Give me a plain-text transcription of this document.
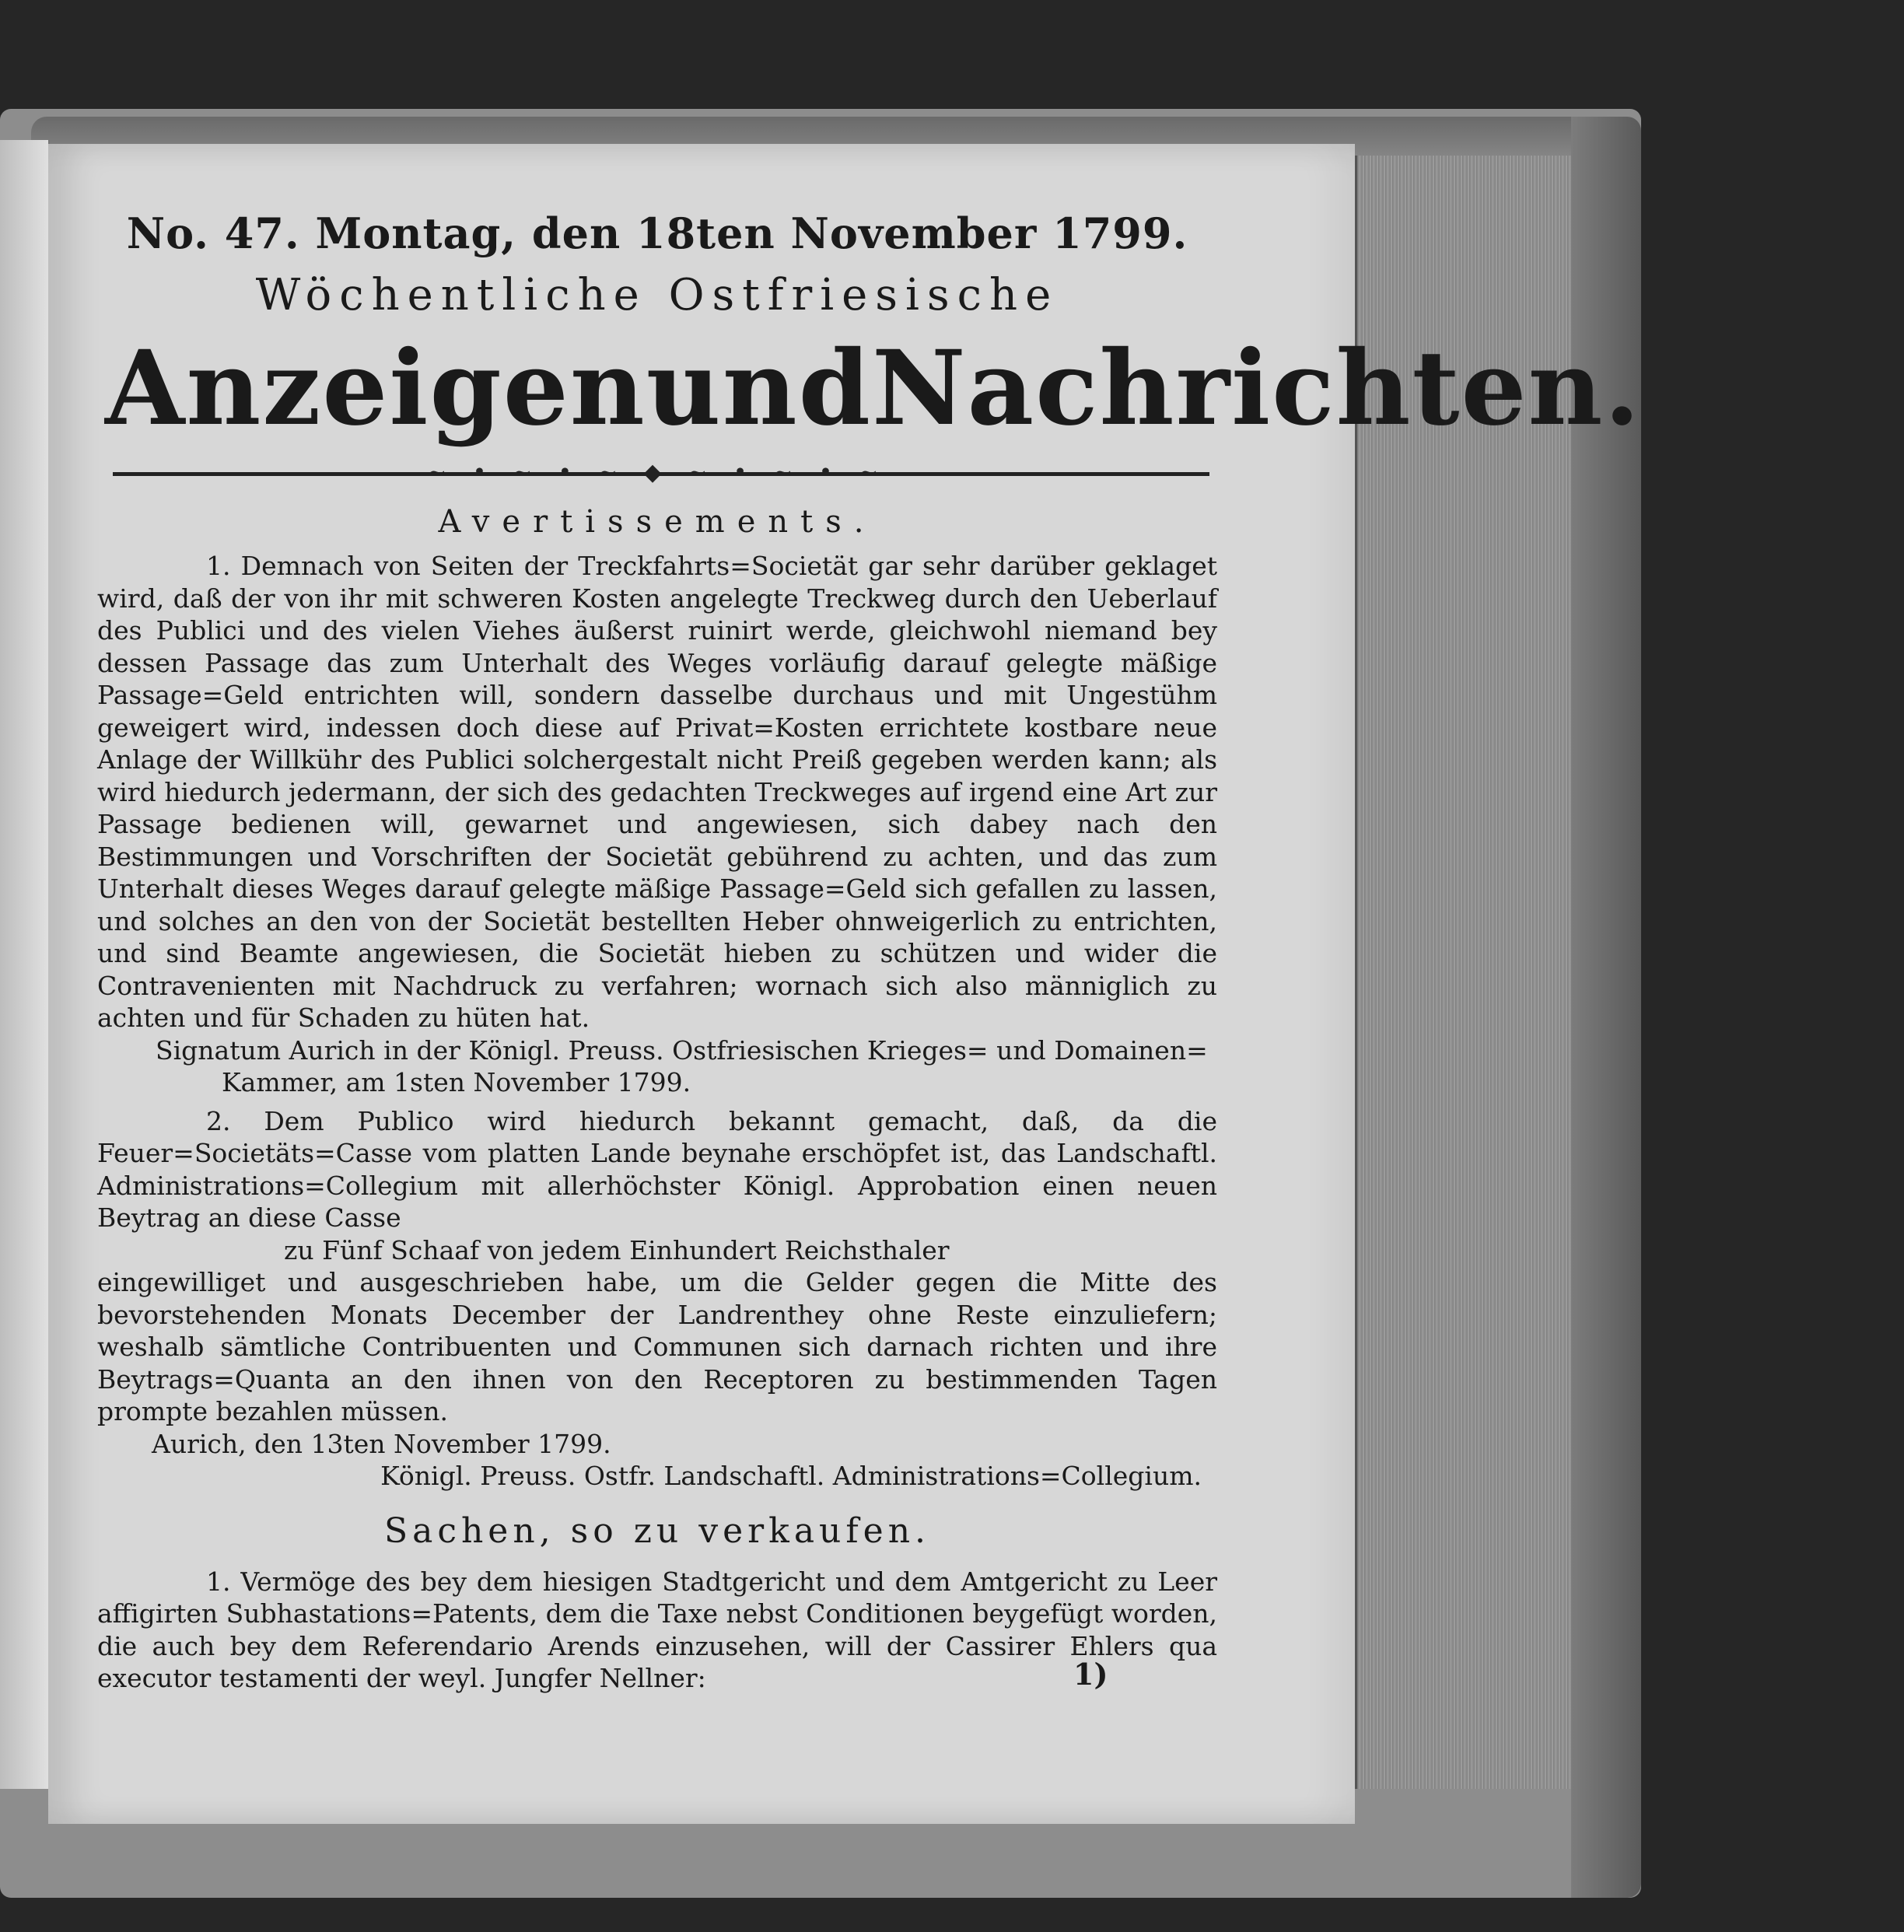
No. 47. Montag, den 18ten November 1799.

Wöchentliche Ostfriesische

Anzeigen und Nachrichten.
~ • ~ • ~ ◆ ~ • ~ • ~

Avertissements.

1. Demnach von Seiten der Treckfahrts=Societät gar sehr darüber geklaget wird, daß der von ihr mit schweren Kosten angelegte Treckweg durch den Ueberlauf des Publici und des vielen Viehes äußerst ruinirt werde, gleichwohl niemand bey dessen Passage das zum Unterhalt des Weges vorläufig darauf gelegte mäßige Passage=Geld entrichten will, sondern dasselbe durchaus und mit Ungestühm geweigert wird, indessen doch diese auf Privat=Kosten errichtete kostbare neue Anlage der Willkühr des Publici solchergestalt nicht Preiß gegeben werden kann; als wird hiedurch jedermann, der sich des gedachten Treckweges auf irgend eine Art zur Passage bedienen will, gewarnet und angewiesen, sich dabey nach den Bestimmungen und Vorschriften der Societät gebührend zu achten, und das zum Unterhalt dieses Weges darauf gelegte mäßige Passage=Geld sich gefallen zu lassen, und solches an den von der Societät bestellten Heber ohnweigerlich zu entrichten, und sind Beamte angewiesen, die Societät hieben zu schützen und wider die Contravenienten mit Nachdruck zu verfahren; wornach sich also männiglich zu achten und für Schaden zu hüten hat.

Signatum Aurich in der Königl. Preuss. Ostfriesischen Krieges= und Domainen=
Kammer, am 1sten November 1799.

2. Dem Publico wird hiedurch bekannt gemacht, daß, da die Feuer=Societäts=Casse vom platten Lande beynahe erschöpfet ist, das Landschaftl. Administrations=Collegium mit allerhöchster Königl. Approbation einen neuen Beytrag an diese Casse

zu Fünf Schaaf von jedem Einhundert Reichsthaler

eingewilliget und ausgeschrieben habe, um die Gelder gegen die Mitte des bevorstehenden Monats December der Landrenthey ohne Reste einzuliefern; weshalb sämtliche Contribuenten und Communen sich darnach richten und ihre Beytrags=Quanta an den ihnen von den Receptoren zu bestimmenden Tagen prompte bezahlen müssen.

Aurich, den 13ten November 1799.

Königl. Preuss. Ostfr. Landschaftl. Administrations=Collegium.

Sachen, so zu verkaufen.

1. Vermöge des bey dem hiesigen Stadtgericht und dem Amtgericht zu Leer affigirten Subhastations=Patents, dem die Taxe nebst Conditionen beygefügt worden, die auch bey dem Referendario Arends einzusehen, will der Cassirer Ehlers qua executor testamenti der weyl. Jungfer Nellner:	1)
